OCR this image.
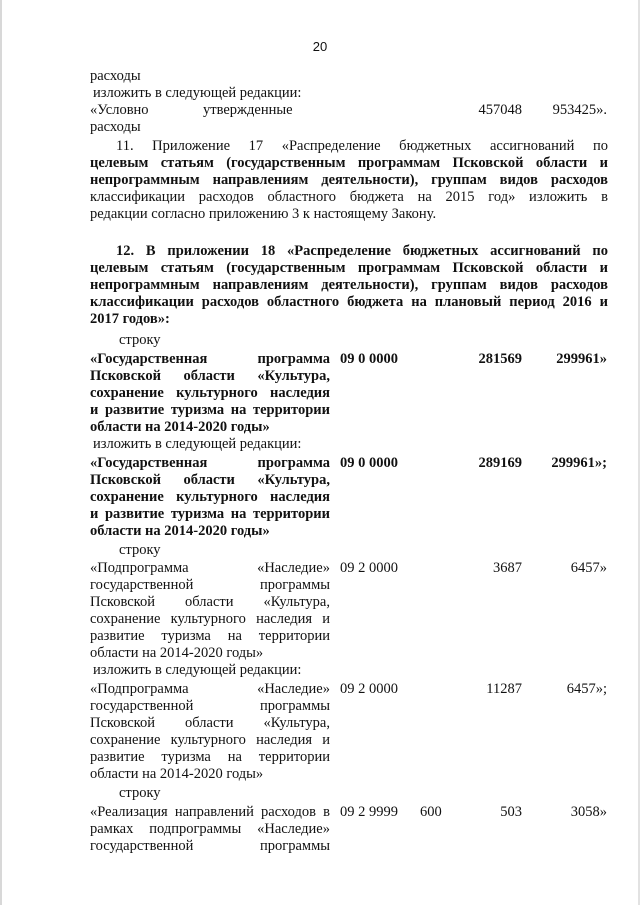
20
расходы
изложить в следующей редакции:
«Условно	утвержденные	457048 953425».
расходы
11. Приложение 17 «Распределение бюджетных ассигнований по
целевым статьям (государственным программам Псковской области и
непрограммным направлениям деятельности), группам видов расходов
классификации расходов областного бюджета на 2015 год» изложить в
редакции согласно приложению 3 к настоящему Закону.
12. В приложении 18 «Распределение бюджетных ассигнований по
целевым статьям (государственным программам Псковской области и
непрограммным направлениям деятельности), группам видов расходов
классификации расходов областного бюджета на плановый период 2016 и
2017 годов»:
строку
«Государственная программа
Псковской области «Культура,
сохранение культурного наследия
и развитие туризма на территории
области на 2014-2020 годы»
09 0 0000	281569 299961»
изложить в следующей редакции:
«Государственная программа
Псковской области «Культура,
сохранение культурного наследия
и развитие туризма на территории
области на 2014-2020 годы»
09 0 0000	289169 299961»;
строку
«Подпрограмма «Наследие»
государственной программы
Псковской области «Культура,
сохранение культурного наследия и
развитие туризма на территории
области на 2014-2020 годы»
09 2 0000	3687	6457»
изложить в следующей редакции:
«Подпрограмма «Наследие»
государственной программы
Псковской области «Культура,
сохранение культурного наследия и
развитие туризма на территории
области на 2014-2020 годы»
09 2 0000	11287	6457»;
строку
«Реализация направлений расходов в
рамках подпрограммы «Наследие»
государственной программы
09 2 9999 600	503	3058»
